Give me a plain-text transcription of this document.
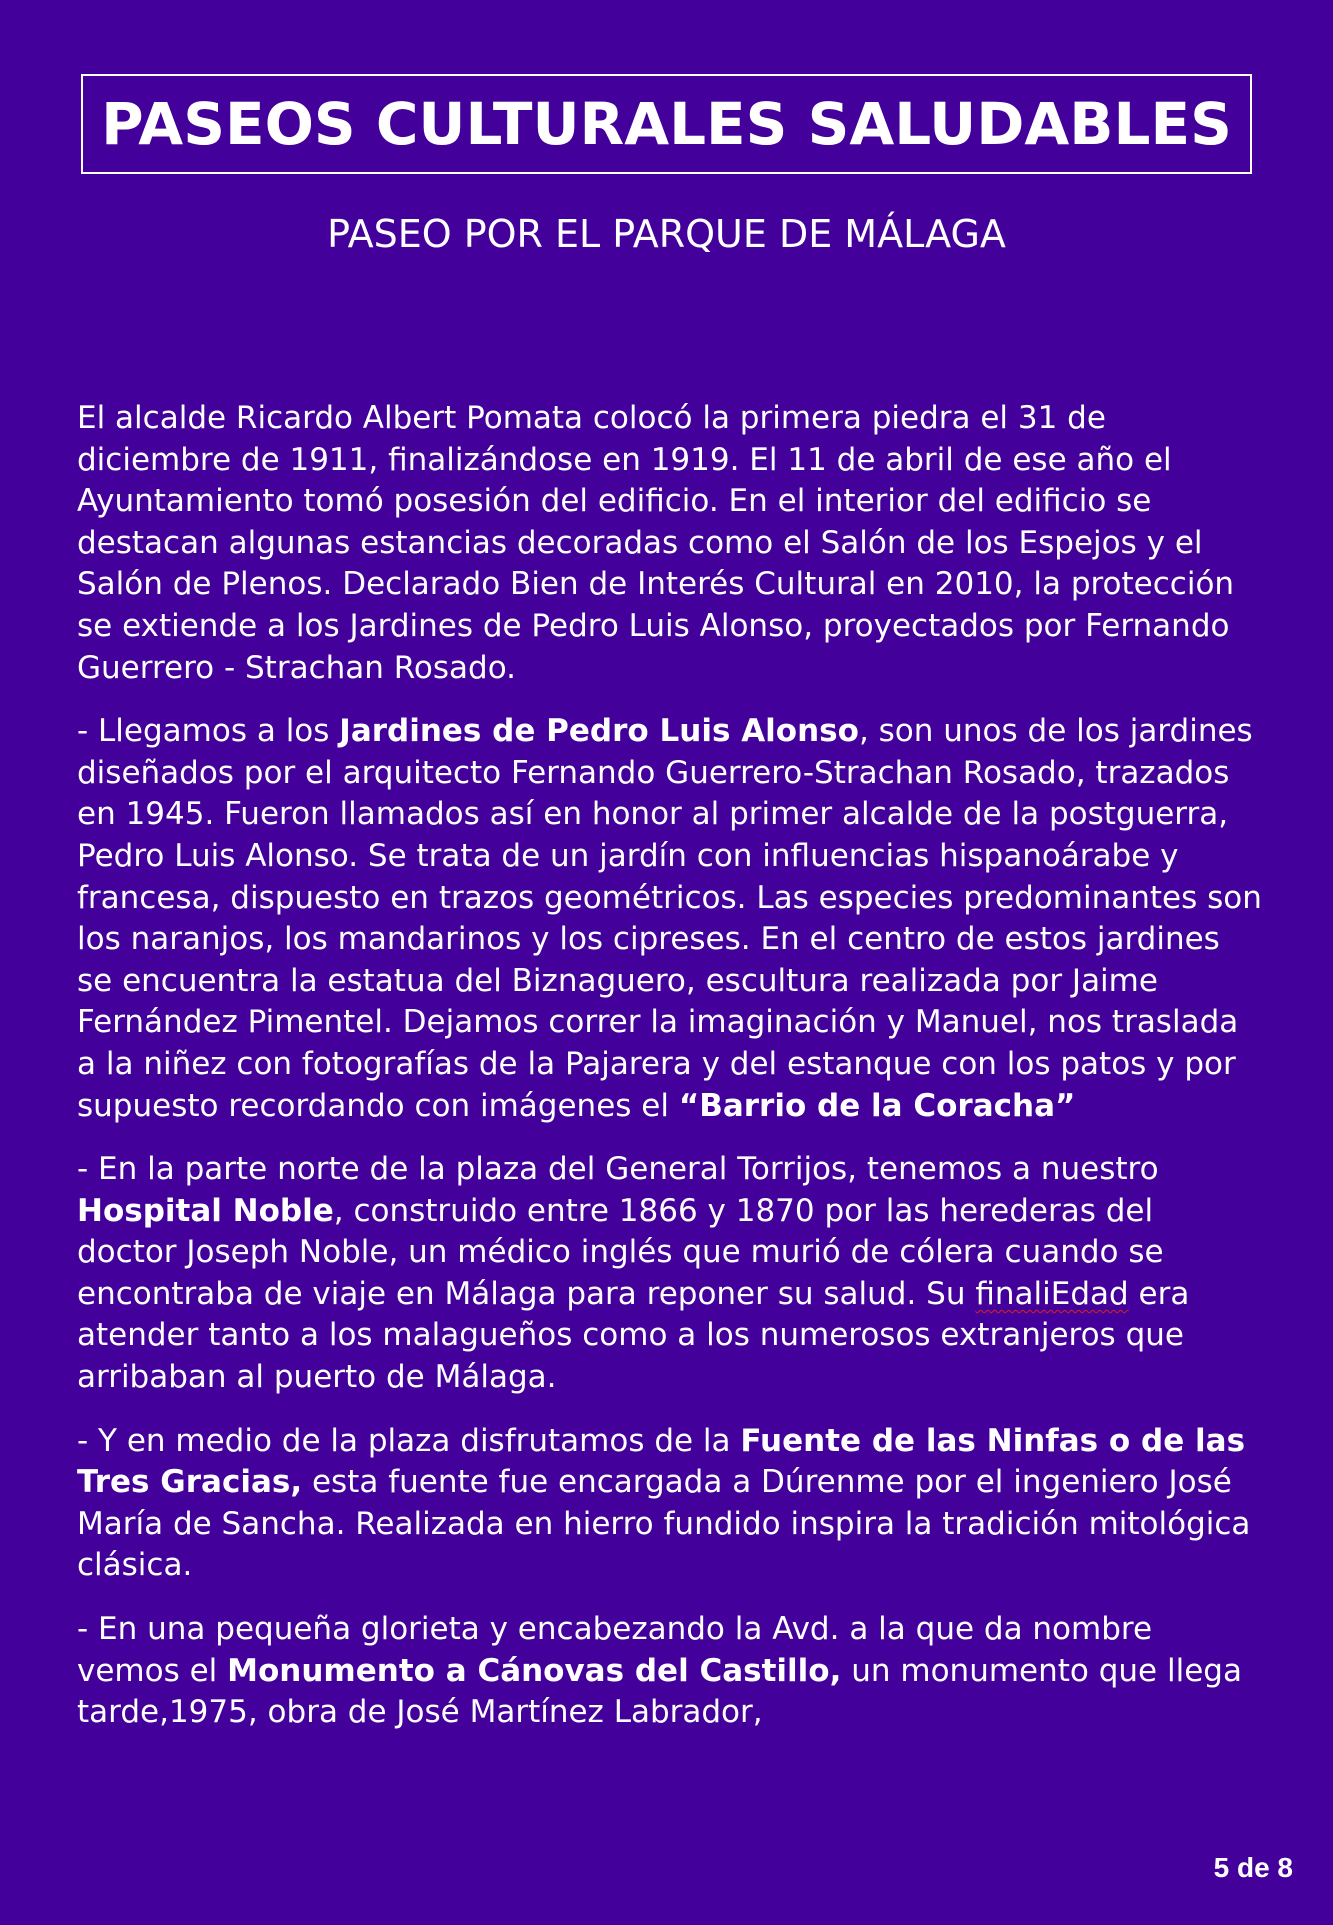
PASEOS CULTURALES SALUDABLES
PASEO POR EL PARQUE DE MÁLAGA

El alcalde Ricardo Albert Pomata colocó la primera piedra el 31 de diciembre de 1911, finalizándose en 1919. El 11 de abril de ese año el Ayuntamiento tomó posesión del edificio. En el interior del edificio se destacan algunas estancias decoradas como el Salón de los Espejos y el Salón de Plenos. Declarado Bien de Interés Cultural en 2010, la protección se extiende a los Jardines de Pedro Luis Alonso, proyectados por Fernando Guerrero - Strachan Rosado.

- Llegamos a los Jardines de Pedro Luis Alonso, son unos de los jardines diseñados por el arquitecto Fernando Guerrero-Strachan Rosado, trazados en 1945. Fueron llamados así en honor al primer alcalde de la postguerra, Pedro Luis Alonso. Se trata de un jardín con influencias hispanoárabe y francesa, dispuesto en trazos geométricos. Las especies predominantes son los naranjos, los mandarinos y los cipreses. En el centro de estos jardines se encuentra la estatua del Biznaguero, escultura realizada por Jaime Fernández Pimentel. Dejamos correr la imaginación y Manuel, nos traslada a la niñez con fotografías de la Pajarera y del estanque con los patos y por supuesto recordando con imágenes el “Barrio de la Coracha”

- En la parte norte de la plaza del General Torrijos, tenemos a nuestro Hospital Noble, construido entre 1866 y 1870 por las herederas del doctor Joseph Noble, un médico inglés que murió de cólera cuando se encontraba de viaje en Málaga para reponer su salud. Su finaliEdad era atender tanto a los malagueños como a los numerosos extranjeros que arribaban al puerto de Málaga.

- Y en medio de la plaza disfrutamos de la Fuente de las Ninfas o de las Tres Gracias, esta fuente fue encargada a Dúrenme por el ingeniero José María de Sancha. Realizada en hierro fundido inspira la tradición mitológica clásica.

- En una pequeña glorieta y encabezando la Avd. a la que da nombre vemos el Monumento a Cánovas del Castillo, un monumento que llega tarde,1975, obra de José Martínez Labrador,

5 de 8
